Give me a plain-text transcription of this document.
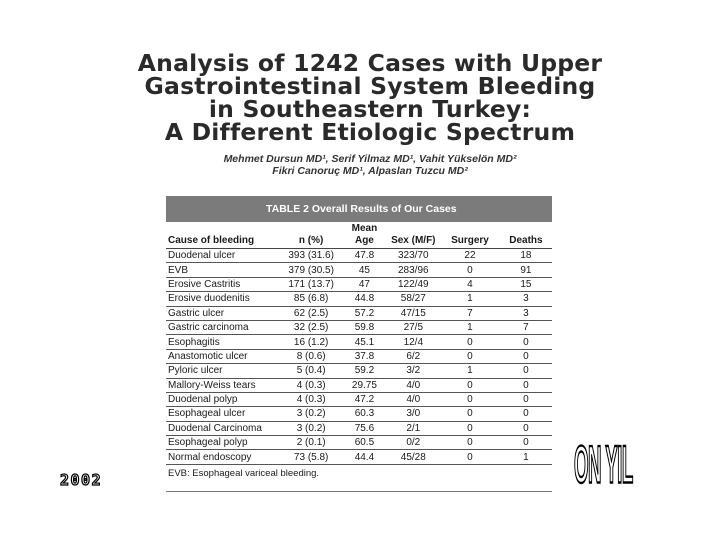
Analysis of 1242 Cases with Upper
Gastrointestinal System Bleeding
in Southeastern Turkey:
A Different Etiologic Spectrum
Mehmet Dursun MD¹, Serif Yilmaz MD¹, Vahit Yükselön MD²
Fikri Canoruç MD¹, Alpaslan Tuzcu MD²
TABLE 2 Overall Results of Our Cases
Cause of bleeding	n (%)	Mean Age	Sex (M/F)	Surgery	Deaths
Duodenal ulcer	393 (31.6)	47.8	323/70	22	18
EVB	379 (30.5)	45	283/96	0	91
Erosive Castritis	171 (13.7)	47	122/49	4	15
Erosive duodenitis	85 (6.8)	44.8	58/27	1	3
Gastric ulcer	62 (2.5)	57.2	47/15	7	3
Gastric carcinoma	32 (2.5)	59.8	27/5	1	7
Esophagitis	16 (1.2)	45.1	12/4	0	0
Anastomotic ulcer	8 (0.6)	37.8	6/2	0	0
Pyloric ulcer	5 (0.4)	59.2	3/2	1	0
Mallory-Weiss tears	4 (0.3)	29.75	4/0	0	0
Duodenal polyp	4 (0.3)	47.2	4/0	0	0
Esophageal ulcer	3 (0.2)	60.3	3/0	0	0
Duodenal Carcinoma	3 (0.2)	75.6	2/1	0	0
Esophageal polyp	2 (0.1)	60.5	0/2	0	0
Normal endoscopy	73 (5.8)	44.4	45/28	0	1
EVB: Esophageal variceal bleeding.
2002	ON YIL
